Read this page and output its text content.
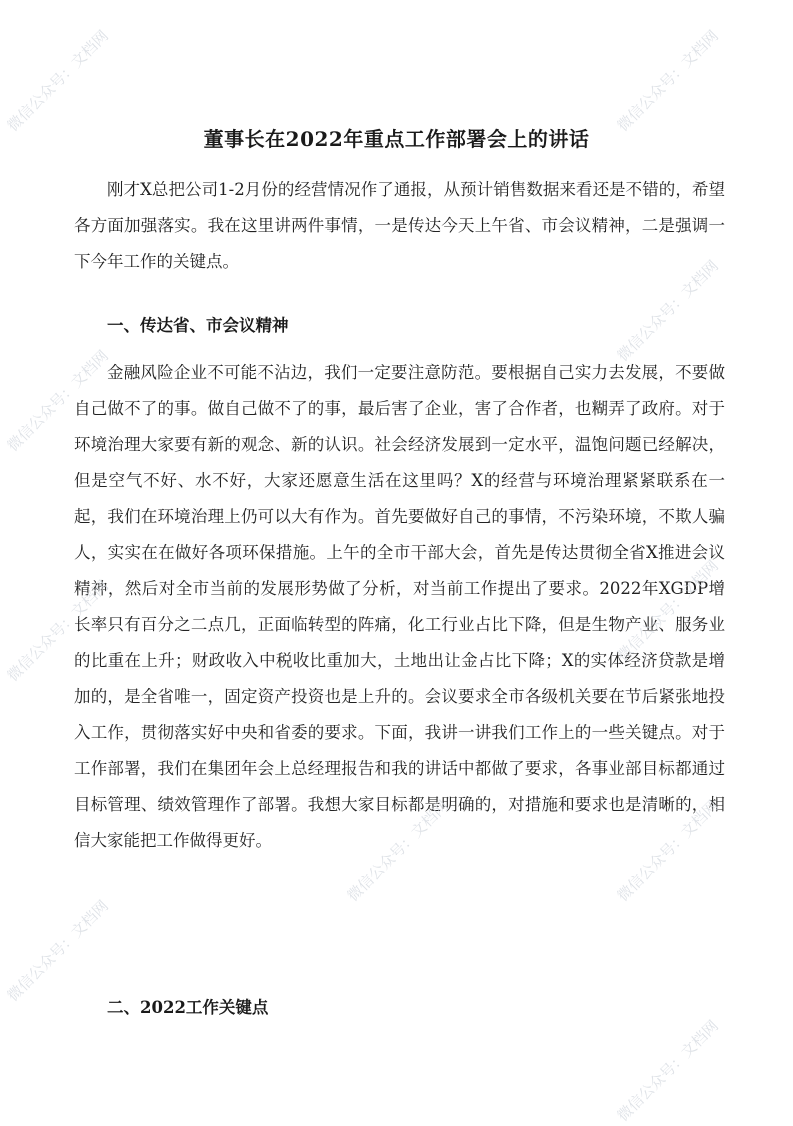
董事长在2022年重点工作部署会上的讲话

刚才X总把公司1-2月份的经营情况作了通报，从预计销售数据来看还是不错的，希望各方面加强落实。我在这里讲两件事情，一是传达今天上午省、市会议精神，二是强调一下今年工作的关键点。

一、传达省、市会议精神

金融风险企业不可能不沾边，我们一定要注意防范。要根据自己实力去发展，不要做自己做不了的事。做自己做不了的事，最后害了企业，害了合作者，也糊弄了政府。对于环境治理大家要有新的观念、新的认识。社会经济发展到一定水平，温饱问题已经解决，但是空气不好、水不好，大家还愿意生活在这里吗？X的经营与环境治理紧紧联系在一起，我们在环境治理上仍可以大有作为。首先要做好自己的事情，不污染环境，不欺人骗人，实实在在做好各项环保措施。上午的全市干部大会，首先是传达贯彻全省X推进会议精神，然后对全市当前的发展形势做了分析，对当前工作提出了要求。2022年XGDP增长率只有百分之二点几，正面临转型的阵痛，化工行业占比下降，但是生物产业、服务业的比重在上升；财政收入中税收比重加大，土地出让金占比下降；X的实体经济贷款是增加的，是全省唯一，固定资产投资也是上升的。会议要求全市各级机关要在节后紧张地投入工作，贯彻落实好中央和省委的要求。下面，我讲一讲我们工作上的一些关键点。对于工作部署，我们在集团年会上总经理报告和我的讲话中都做了要求，各事业部目标都通过目标管理、绩效管理作了部署。我想大家目标都是明确的，对措施和要求也是清晰的，相信大家能把工作做得更好。

二、2022工作关键点

微信公众号：文档网	微信公众号：文档网
微信公众号：文档网
微信公众号：文档网
微信公众号：文档网	微信公众号：文档网
微信公众号：文档网	微信公众号：文档网
微信公众号：文档网
微信公众号：文档网
